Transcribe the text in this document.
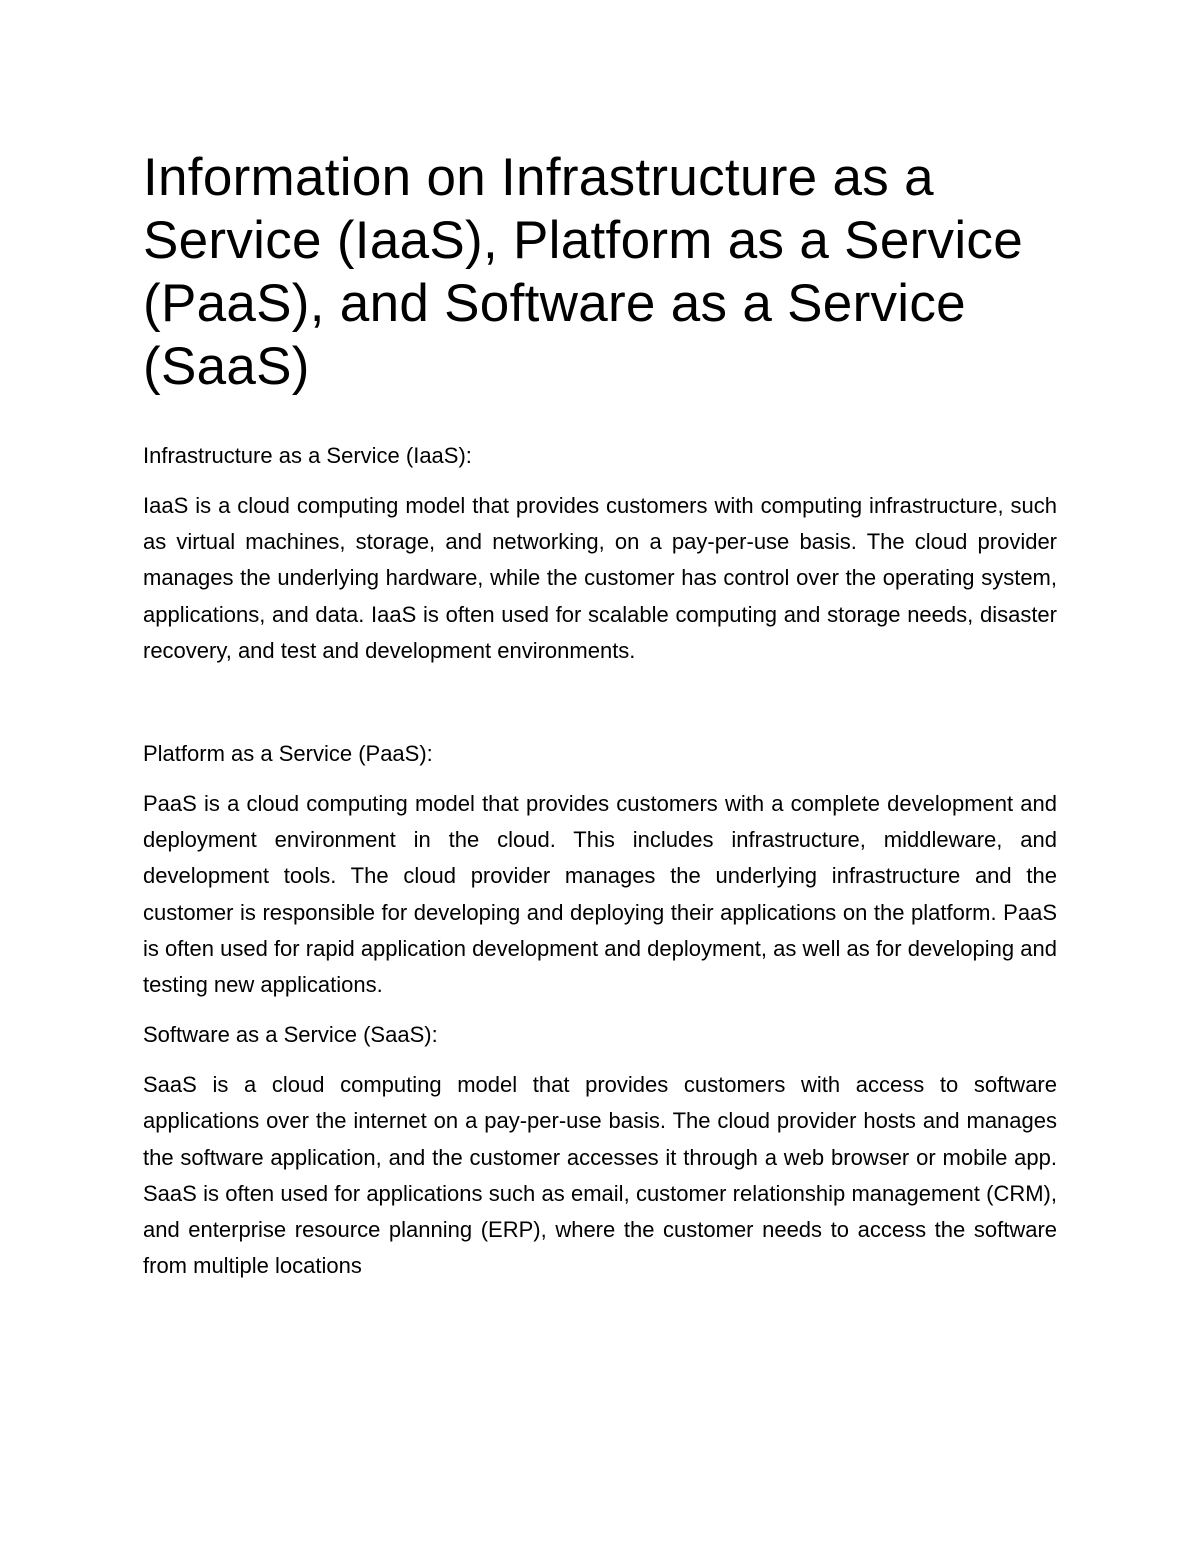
Information on Infrastructure as a Service (IaaS), Platform as a Service (PaaS), and Software as a Service (SaaS)

Infrastructure as a Service (IaaS):

IaaS is a cloud computing model that provides customers with computing infrastructure, such as virtual machines, storage, and networking, on a pay-per-use basis. The cloud provider manages the underlying hardware, while the customer has control over the operating system, applications, and data. IaaS is often used for scalable computing and storage needs, disaster recovery, and test and development environments.

Platform as a Service (PaaS):

PaaS is a cloud computing model that provides customers with a complete development and deployment environment in the cloud. This includes infrastructure, middleware, and development tools. The cloud provider manages the underlying infrastructure and the customer is responsible for developing and deploying their applications on the platform. PaaS is often used for rapid application development and deployment, as well as for developing and testing new applications.

Software as a Service (SaaS):

SaaS is a cloud computing model that provides customers with access to software applications over the internet on a pay-per-use basis. The cloud provider hosts and manages the software application, and the customer accesses it through a web browser or mobile app. SaaS is often used for applications such as email, customer relationship management (CRM), and enterprise resource planning (ERP), where the customer needs to access the software from multiple locations
